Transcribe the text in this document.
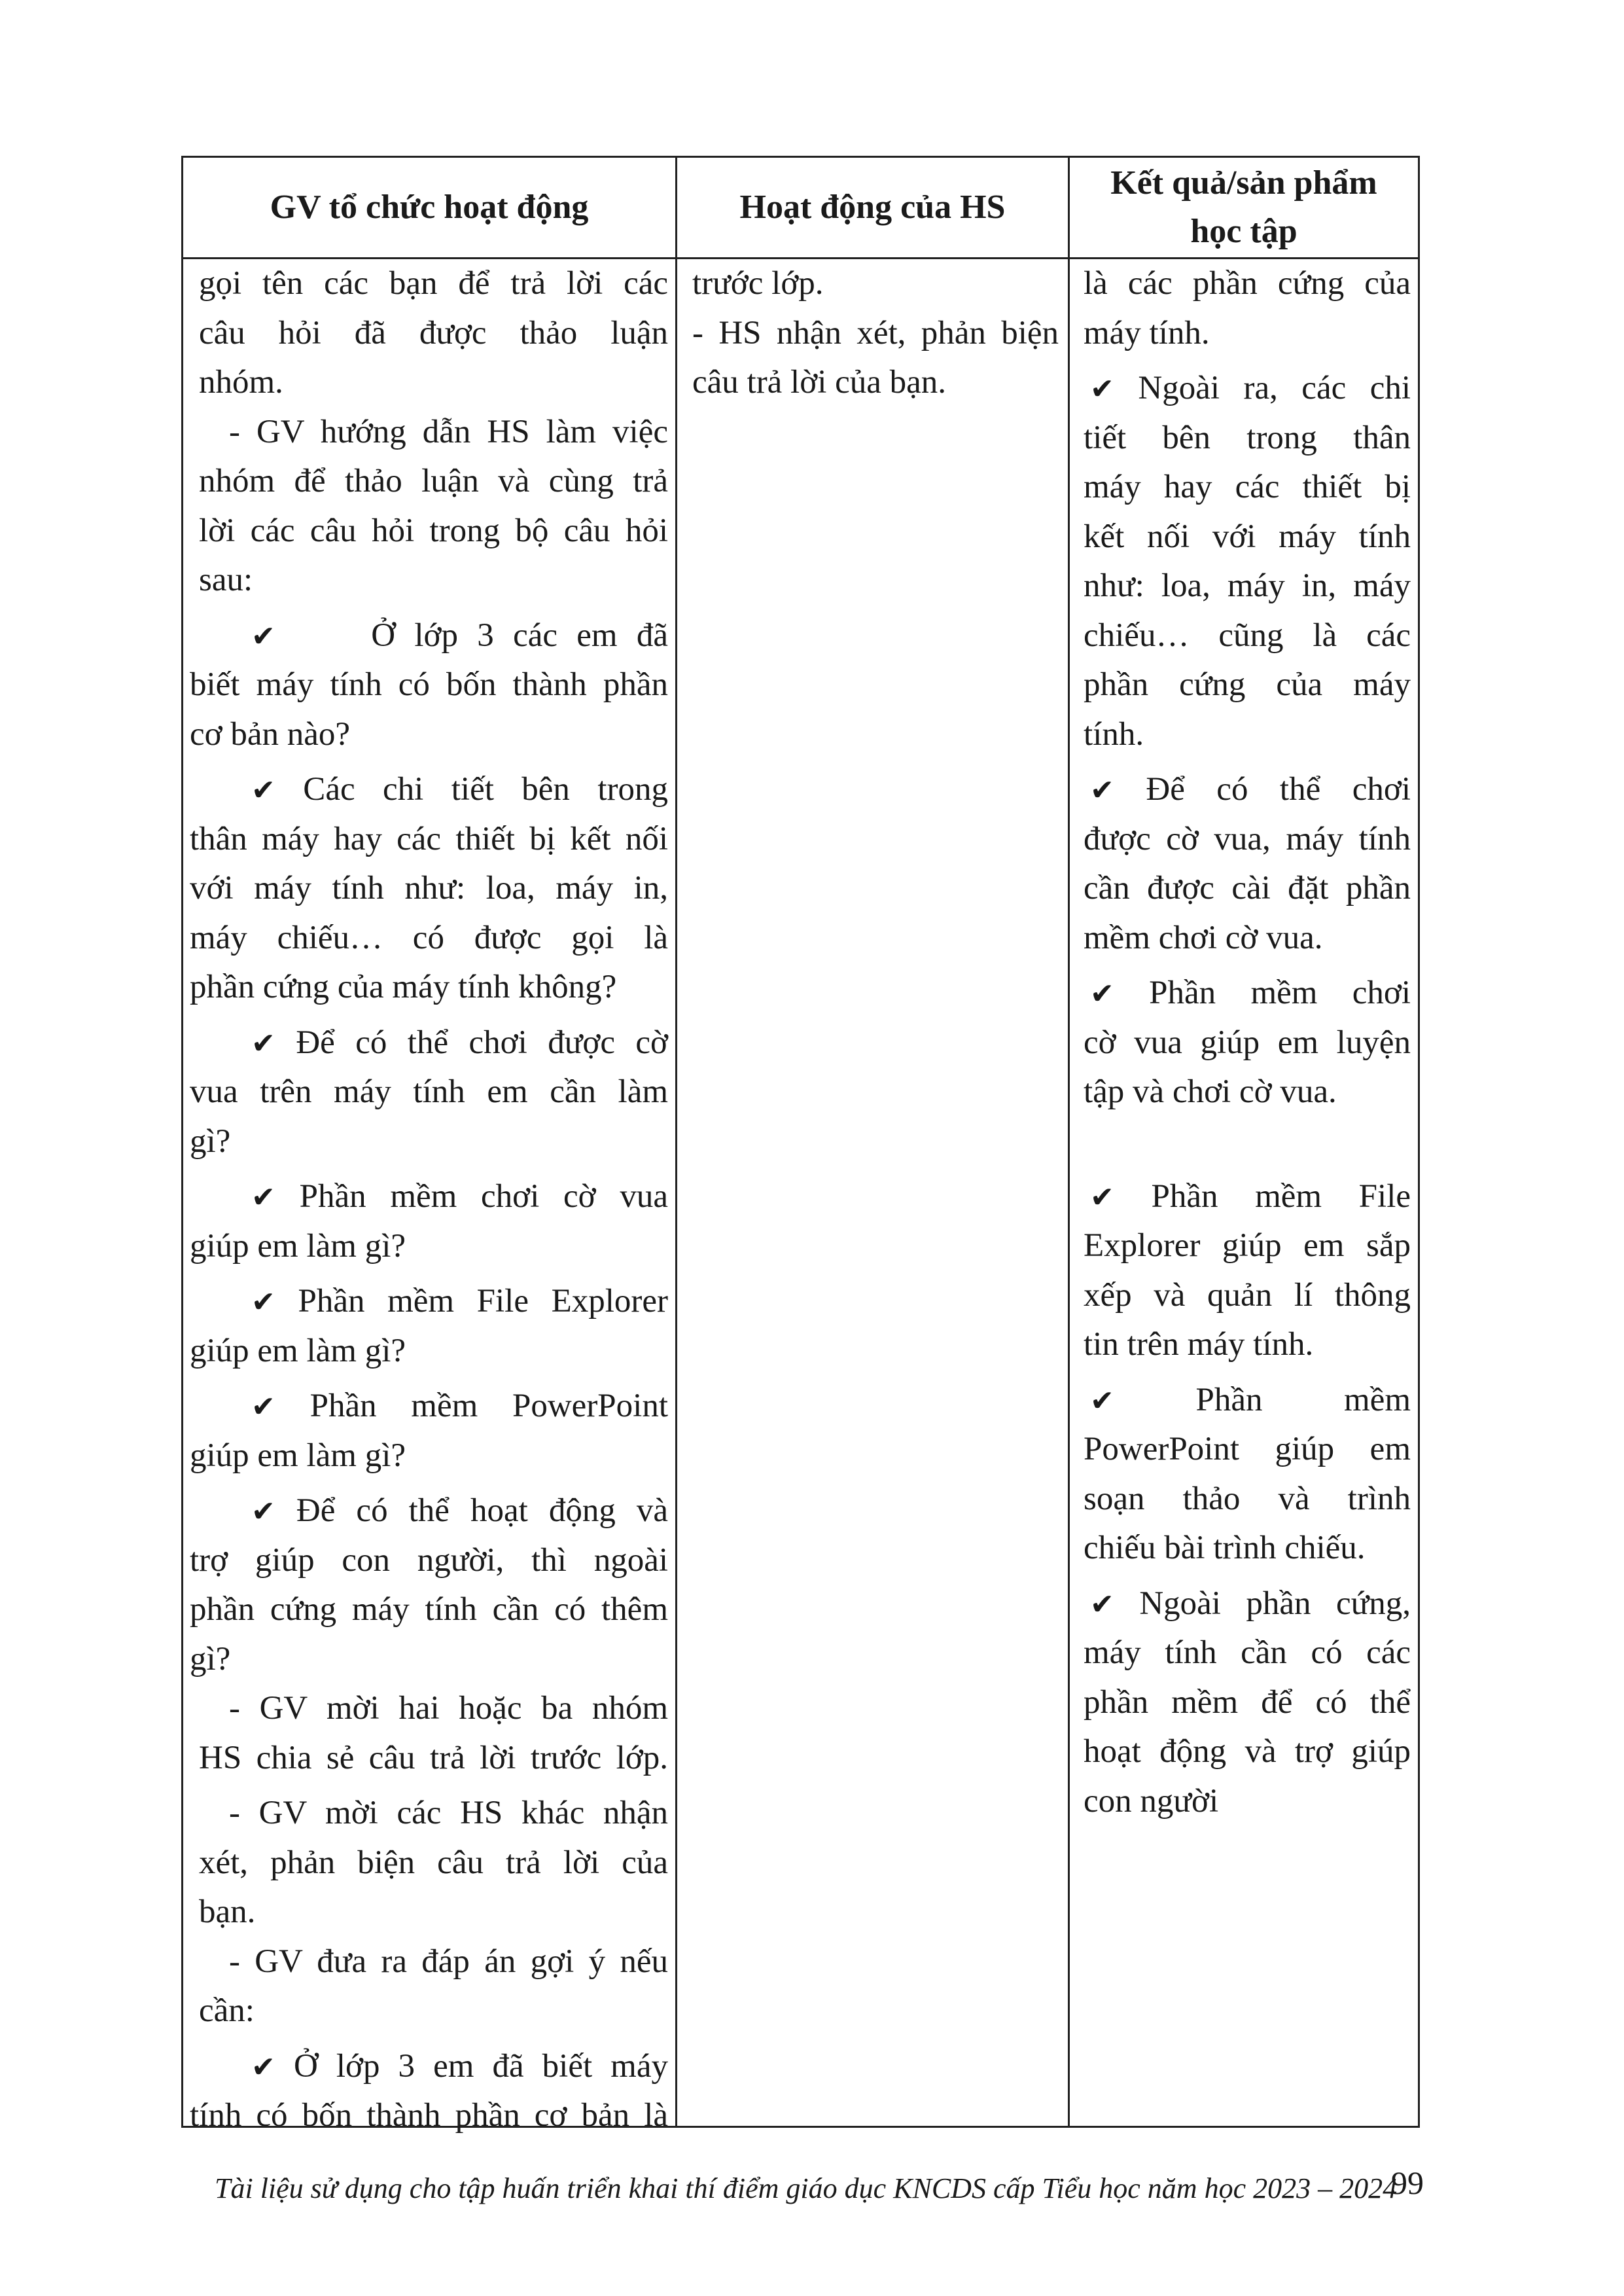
GV tổ chức hoạt động	Hoạt động của HS
Kết quả/sản phẩm
học tập
gọi tên các bạn để trả lời các
câu hỏi đã được thảo luận
nhóm.
- GV hướng dẫn HS làm việc
nhóm để thảo luận và cùng trả
lời các câu hỏi trong bộ câu hỏi
sau:
✔	Ở lớp 3 các em đã
biết máy tính có bốn thành phần
cơ bản nào?
✔ Các chi tiết bên trong
thân máy hay các thiết bị kết nối
với máy tính như: loa, máy in,
máy chiếu… có được gọi là
phần cứng của máy tính không?
✔ Để có thể chơi được cờ
vua trên máy tính em cần làm
gì?
✔ Phần mềm chơi cờ vua
giúp em làm gì?
✔ Phần mềm File Explorer
giúp em làm gì?
✔ Phần mềm PowerPoint
giúp em làm gì?
✔ Để có thể hoạt động và
trợ giúp con người, thì ngoài
phần cứng máy tính cần có thêm
gì?
- GV mời hai hoặc ba nhóm
HS chia sẻ câu trả lời trước lớp.
- GV mời các HS khác nhận
xét, phản biện câu trả lời của
bạn.
- GV đưa ra đáp án gợi ý nếu
cần:
✔ Ở lớp 3 em đã biết máy
tính có bốn thành phần cơ bản là
trước lớp.
- HS nhận xét, phản biện
câu trả lời của bạn.
là các phần cứng của
máy tính.
✔ Ngoài ra, các chi
tiết bên trong thân
máy hay các thiết bị
kết nối với máy tính
như: loa, máy in, máy
chiếu… cũng là các
phần cứng của máy
tính.
✔ Để có thể chơi
được cờ vua, máy tính
cần được cài đặt phần
mềm chơi cờ vua.
✔ Phần mềm chơi
cờ vua giúp em luyện
tập và chơi cờ vua.
✔ Phần mềm File
Explorer giúp em sắp
xếp và quản lí thông
tin trên máy tính.
✔ Phần mềm
PowerPoint giúp em
soạn thảo và trình
chiếu bài trình chiếu.
✔ Ngoài phần cứng,
máy tính cần có các
phần mềm để có thể
hoạt động và trợ giúp
con người
Tài liệu sử dụng cho tập huấn triển khai thí điểm giáo dục KNCDS cấp Tiểu học năm học 2023 – 2024
99
